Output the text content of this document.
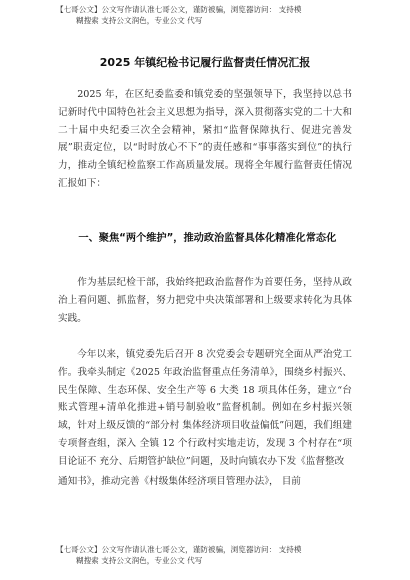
【七哥公文】公文写作请认准七哥公文，谨防被骗，浏览器访问： 支持模
糊搜索 支持公文润色，专业公文 代写
2025 年镇纪检书记履行监督责任情况汇报
2025 年，在区纪委监委和镇党委的坚强领导下，我坚持以总书记新时代中国特色社会主义思想为指导，深入贯彻落实党的二十大和二十届中央纪委三次全会精神，紧扣“监督保障执行、促进完善发展”职责定位，以“时时放心不下”的责任感和“事事落实到位”的执行力，推动全镇纪检监察工作高质量发展。现将全年履行监督责任情况汇报如下：
一、聚焦“两个维护”，推动政治监督具体化精准化常态化
作为基层纪检干部，我始终把政治监督作为首要任务，坚持从政治上看问题、抓监督，努力把党中央决策部署和上级要求转化为具体实践。
今年以来，镇党委先后召开 8 次党委会专题研究全面从严治党工作。我牵头制定《2025 年政治监督重点任务清单》，围绕乡村振兴、民生保障、生态环保、安全生产等 6 大类 18 项具体任务，建立“台账式管理+清单化推进+销号制验收”监督机制。例如在乡村振兴领域，针对上级反馈的“部分村 集体经济项目收益偏低”问题，我们组建专项督查组，深入 全镇 12 个行政村实地走访，发现 3 个村存在“项目论证不 充分、后期管护缺位”问题，及时向镇农办下发《监督整改
通知书》，推动完善《村级集体经济项目管理办法》， 目前
【七哥公文】公文写作请认准七哥公文，谨防被骗，浏览器访问： 支持模
糊搜索 支持公文润色，专业公文 代写
